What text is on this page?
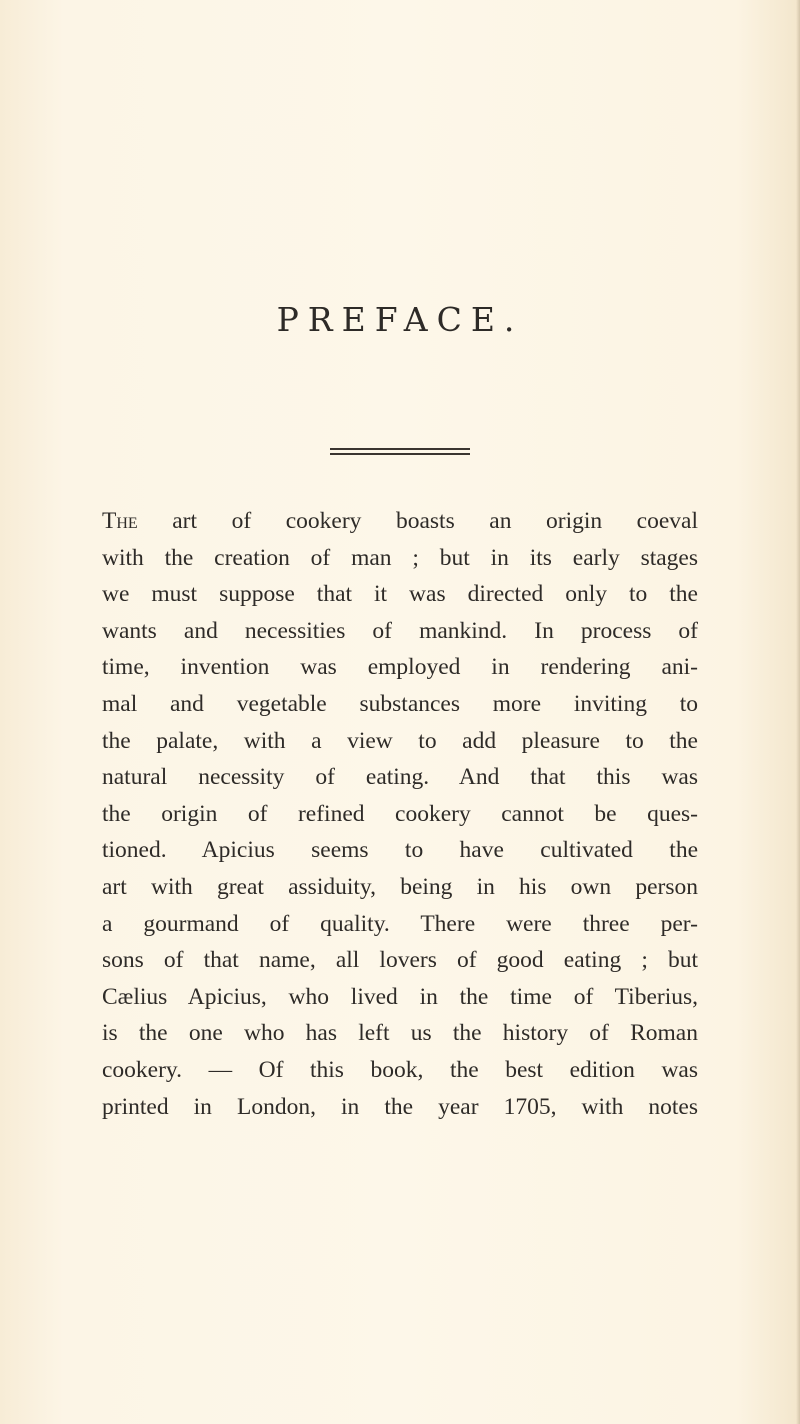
PREFACE.
The art of cookery boasts an origin coeval
with the creation of man ; but in its early stages
we must suppose that it was directed only to the
wants and necessities of mankind. In process of
time, invention was employed in rendering ani-
mal and vegetable substances more inviting to
the palate, with a view to add pleasure to the
natural necessity of eating. And that this was
the origin of refined cookery cannot be ques-
tioned. Apicius seems to have cultivated the
art with great assiduity, being in his own person
a gourmand of quality. There were three per-
sons of that name, all lovers of good eating ; but
Cælius Apicius, who lived in the time of Tiberius,
is the one who has left us the history of Roman
cookery. — Of this book, the best edition was
printed in London, in the year 1705, with notes
